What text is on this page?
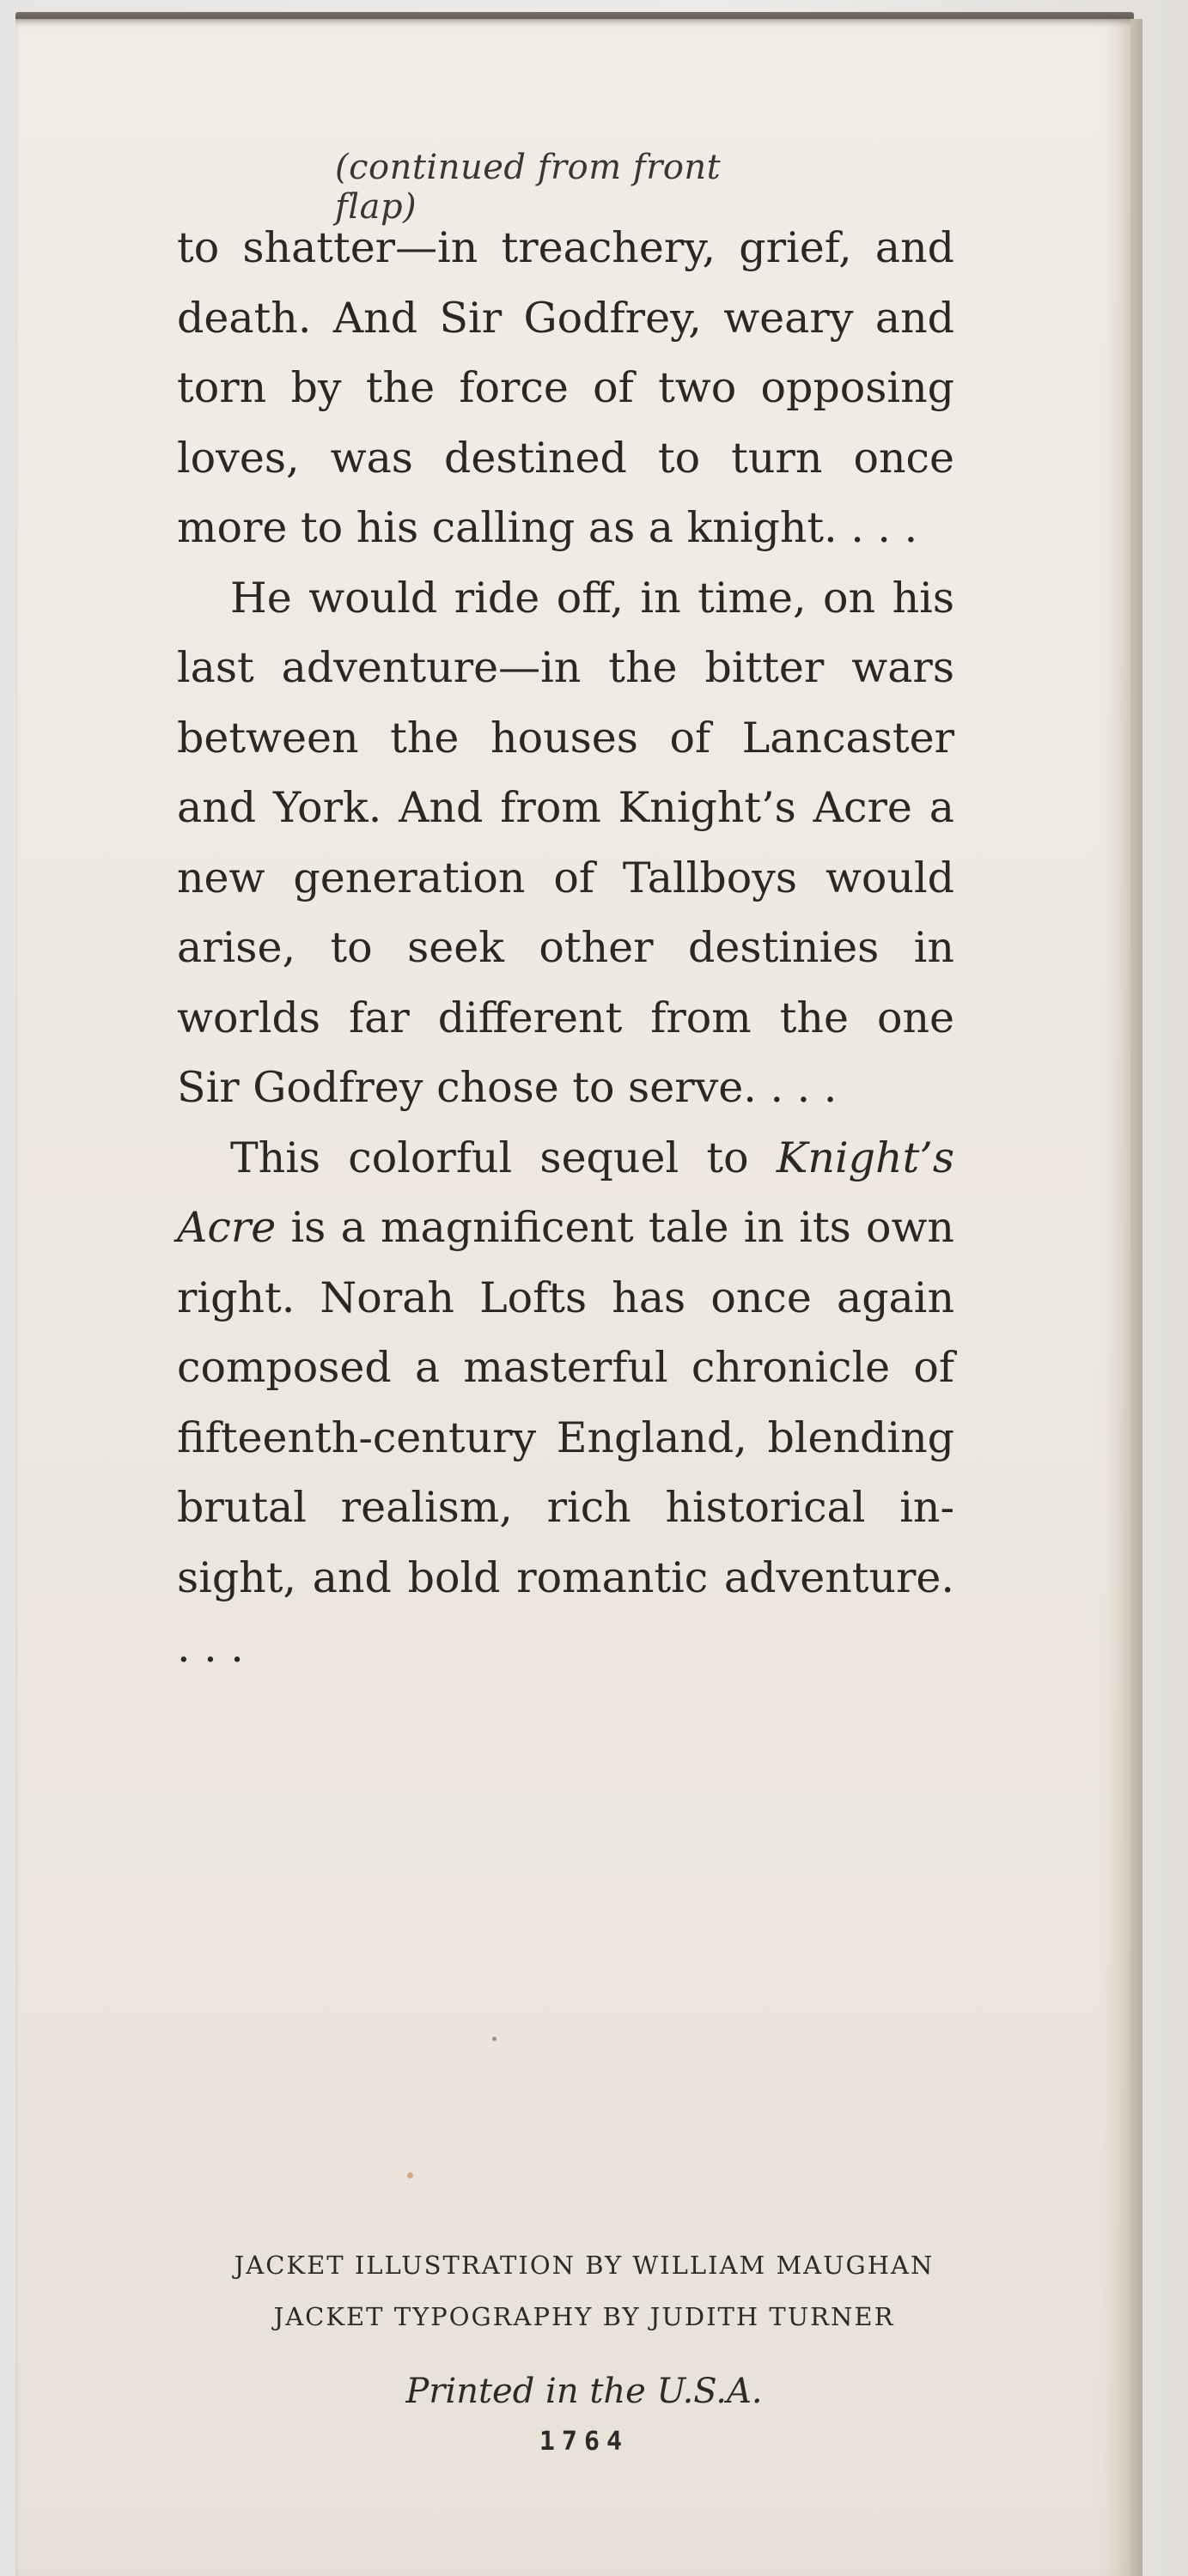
(continued from front flap)

to shatter—in treachery, grief, and death. And Sir Godfrey, weary and torn by the force of two opposing loves, was destined to turn once more to his calling as a knight. . . .

He would ride off, in time, on his last adventure—in the bitter wars between the houses of Lancaster and York. And from Knight’s Acre a new generation of Tallboys would arise, to seek other destinies in worlds far different from the one Sir Godfrey chose to serve. . . .

This colorful sequel to Knight’s Acre is a magnificent tale in its own right. Norah Lofts has once again composed a masterful chronicle of fifteenth-century England, blending brutal realism, rich historical insight, and bold romantic adventure. . . .

JACKET ILLUSTRATION BY WILLIAM MAUGHAN
JACKET TYPOGRAPHY BY JUDITH TURNER
Printed in the U.S.A.
1764
